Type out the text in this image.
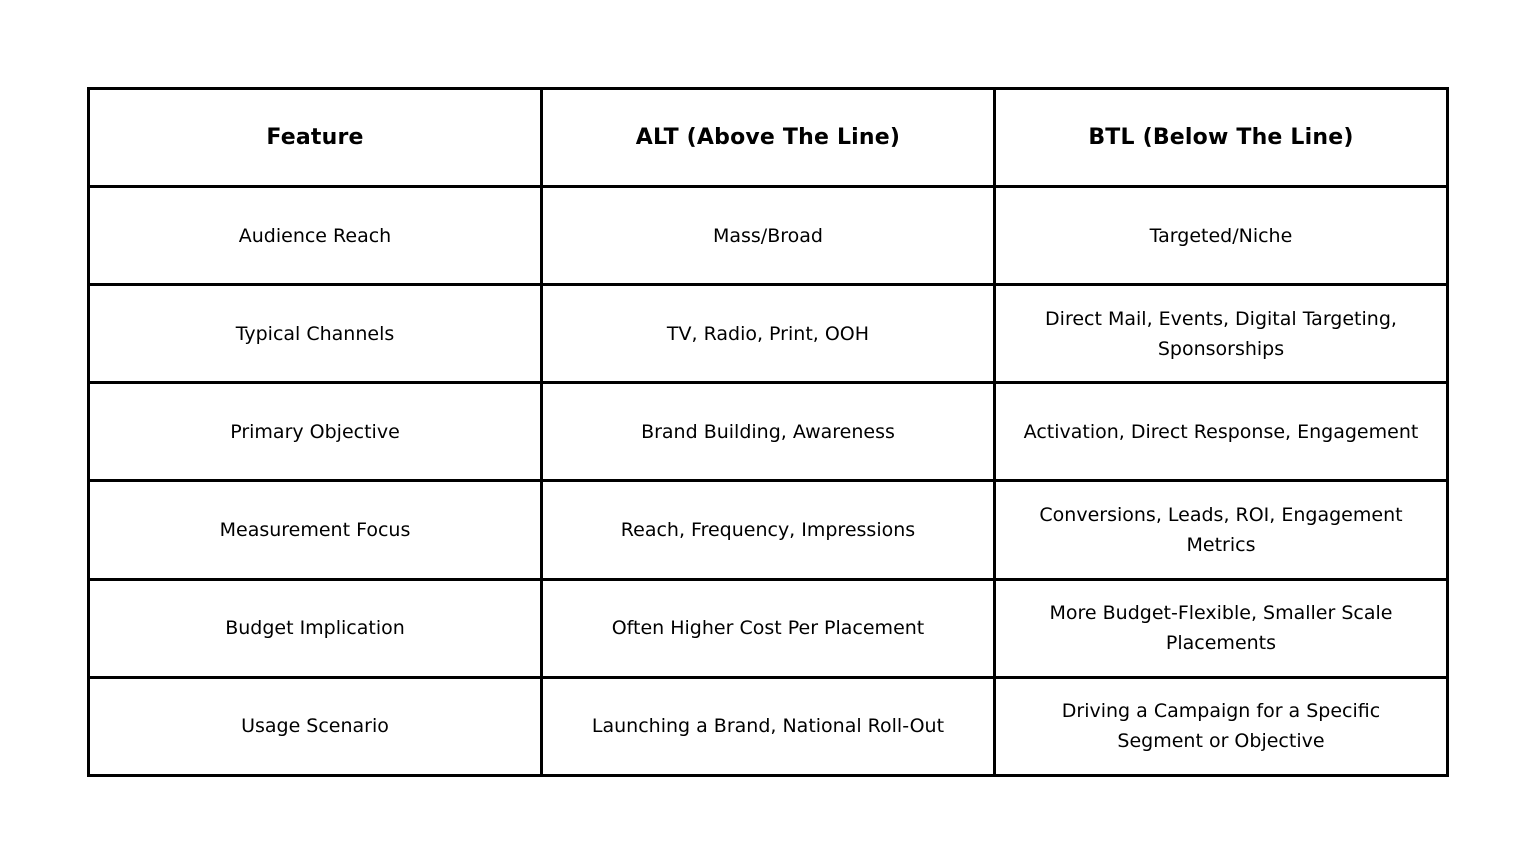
Feature	ALT (Above The Line)	BTL (Below The Line)
Audience Reach	Mass/Broad	Targeted/Niche
Typical Channels	TV, Radio, Print, OOH	Direct Mail, Events, Digital Targeting, Sponsorships
Primary Objective	Brand Building, Awareness	Activation, Direct Response, Engagement
Measurement Focus	Reach, Frequency, Impressions	Conversions, Leads, ROI, Engagement Metrics
Budget Implication	Often Higher Cost Per Placement	More Budget-Flexible, Smaller Scale Placements
Usage Scenario	Launching a Brand, National Roll-Out	Driving a Campaign for a Specific Segment or Objective
